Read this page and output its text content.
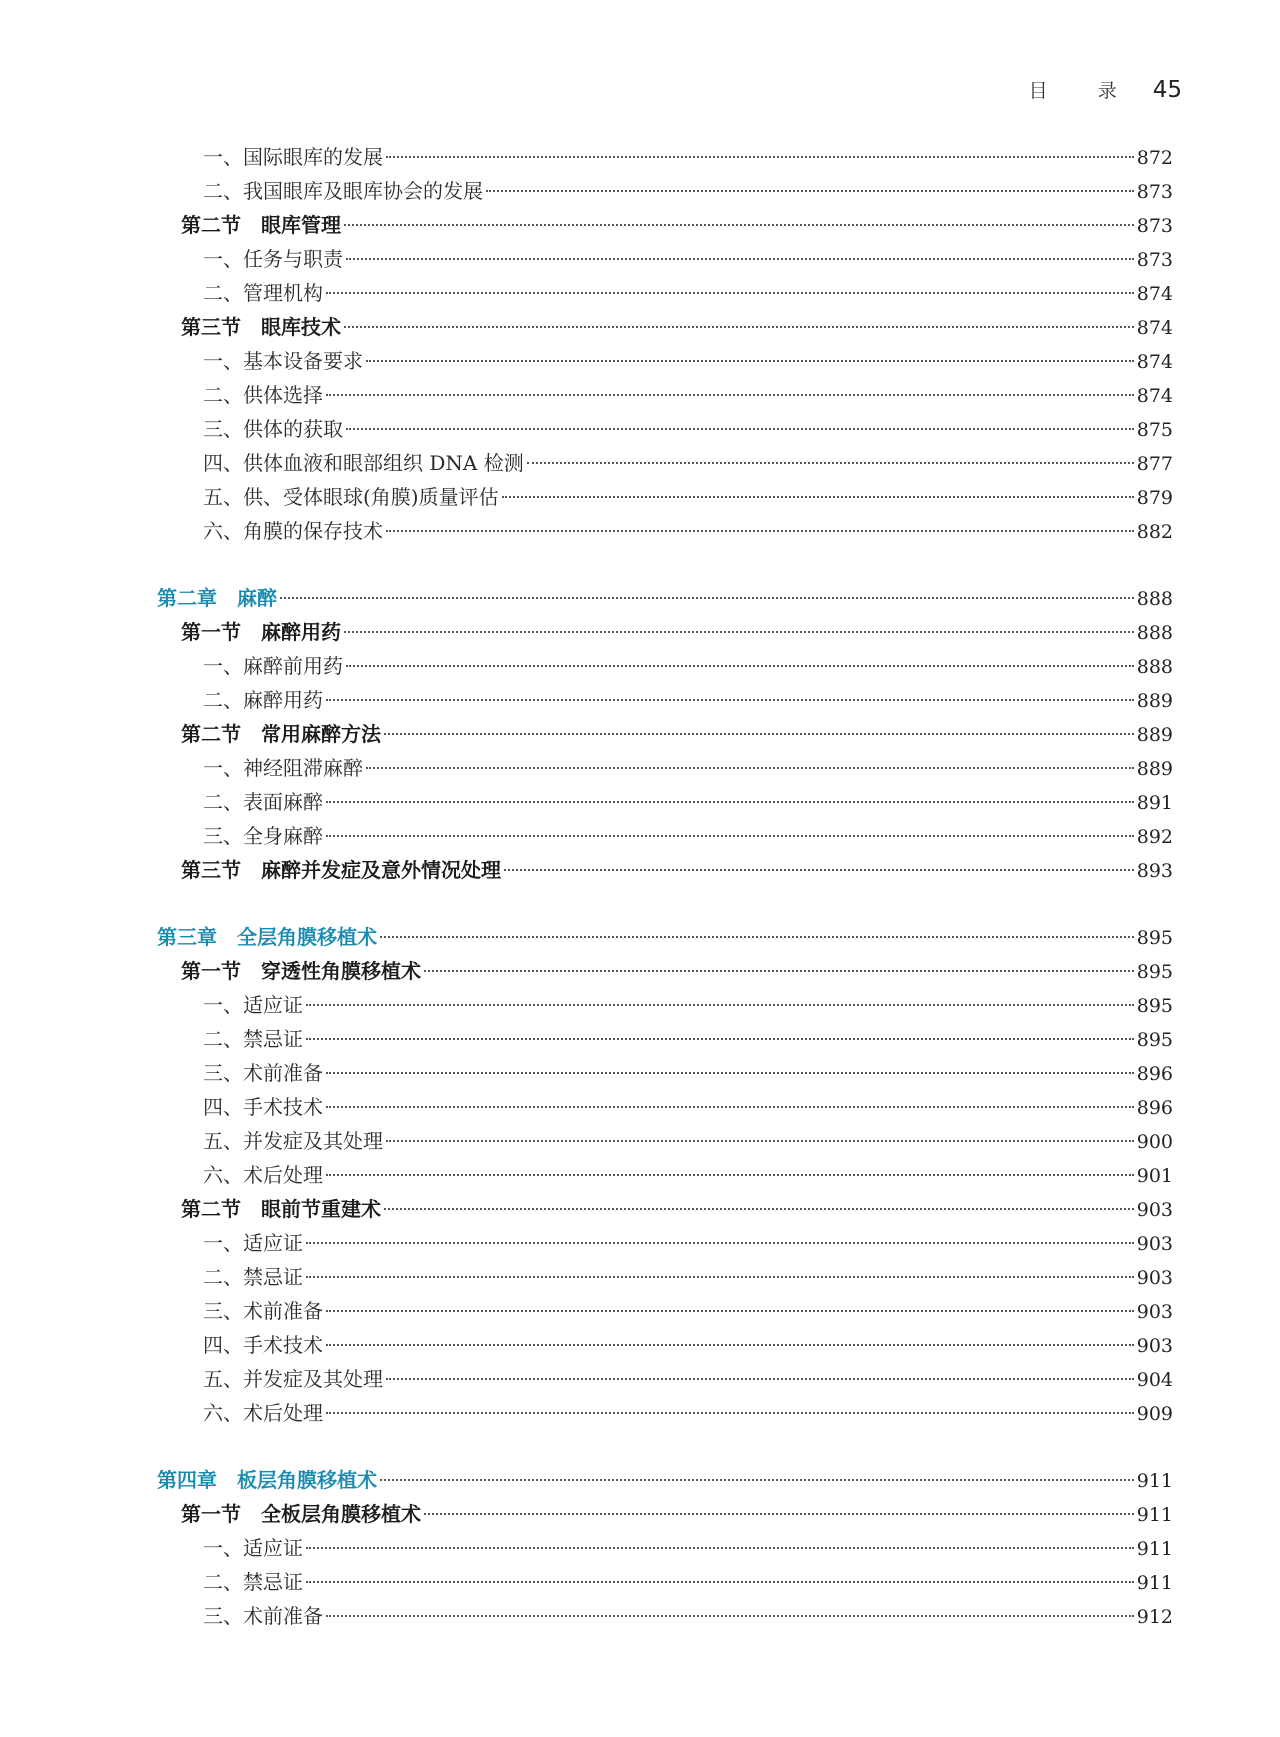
目 录 45
一、国际眼库的发展	872
二、我国眼库及眼库协会的发展	873
第二节　眼库管理	873
一、任务与职责	873
二、管理机构	874
第三节　眼库技术	874
一、基本设备要求	874
二、供体选择	874
三、供体的获取	875
四、供体血液和眼部组织 DNA 检测	877
五、供、受体眼球(角膜)质量评估	879
六、角膜的保存技术	882
第二章　麻醉	888
第一节　麻醉用药	888
一、麻醉前用药	888
二、麻醉用药	889
第二节　常用麻醉方法	889
一、神经阻滞麻醉	889
二、表面麻醉	891
三、全身麻醉	892
第三节　麻醉并发症及意外情况处理	893
第三章　全层角膜移植术	895
第一节　穿透性角膜移植术	895
一、适应证	895
二、禁忌证	895
三、术前准备	896
四、手术技术	896
五、并发症及其处理	900
六、术后处理	901
第二节　眼前节重建术	903
一、适应证	903
二、禁忌证	903
三、术前准备	903
四、手术技术	903
五、并发症及其处理	904
六、术后处理	909
第四章　板层角膜移植术	911
第一节　全板层角膜移植术	911
一、适应证	911
二、禁忌证	911
三、术前准备	912
